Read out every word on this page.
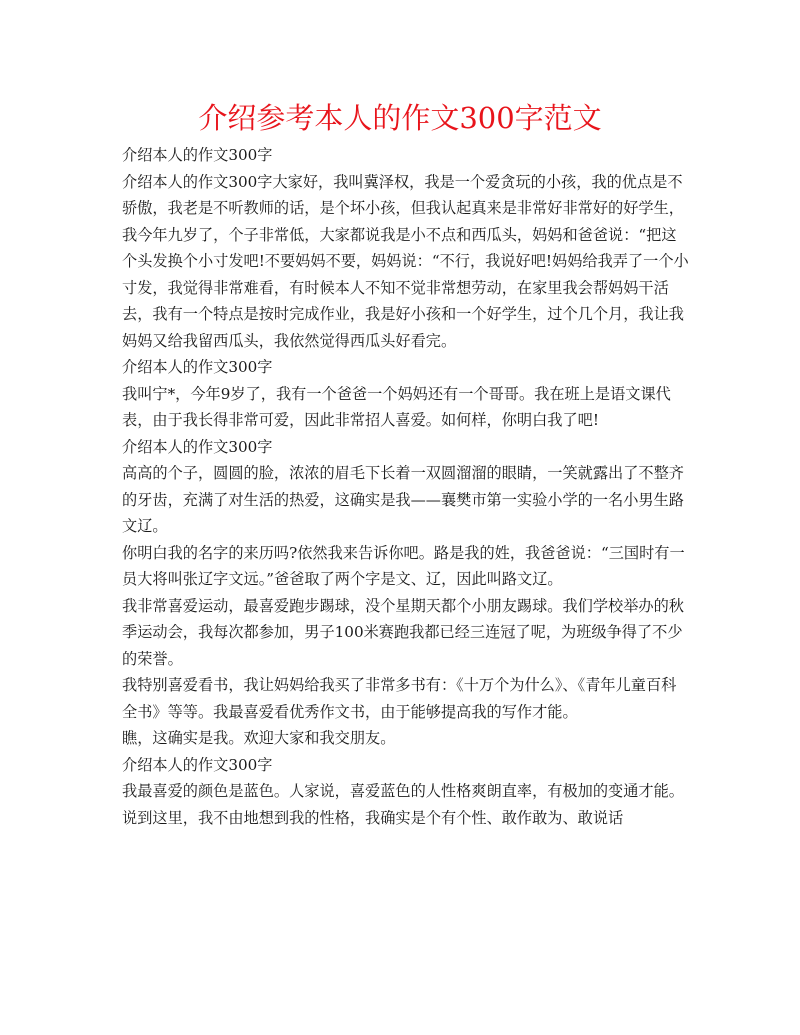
介绍参考本人的作文300字范文

介绍本人的作文300字

介绍本人的作文300字大家好，我叫冀泽权，我是一个爱贪玩的小孩，我的优点是不骄傲，我老是不听教师的话，是个坏小孩，但我认起真来是非常好非常好的好学生，我今年九岁了，个子非常低，大家都说我是小不点和西瓜头，妈妈和爸爸说：“把这个头发换个小寸发吧!不要妈妈不要，妈妈说：“不行，我说好吧!妈妈给我弄了一个小寸发，我觉得非常难看，有时候本人不知不觉非常想劳动，在家里我会帮妈妈干活去，我有一个特点是按时完成作业，我是好小孩和一个好学生，过个几个月，我让我妈妈又给我留西瓜头，我依然觉得西瓜头好看完。

介绍本人的作文300字

我叫宁*，今年9岁了，我有一个爸爸一个妈妈还有一个哥哥。我在班上是语文课代表，由于我长得非常可爱，因此非常招人喜爱。如何样，你明白我了吧!

介绍本人的作文300字

高高的个子，圆圆的脸，浓浓的眉毛下长着一双圆溜溜的眼睛，一笑就露出了不整齐的牙齿，充满了对生活的热爱，这确实是我——襄樊市第一实验小学的一名小男生路文辽。

你明白我的名字的来历吗?依然我来告诉你吧。路是我的姓，我爸爸说：“三国时有一员大将叫张辽字文远。”爸爸取了两个字是文、辽，因此叫路文辽。

我非常喜爱运动，最喜爱跑步踢球，没个星期天都个小朋友踢球。我们学校举办的秋季运动会，我每次都参加，男子100米赛跑我都已经三连冠了呢，为班级争得了不少的荣誉。

我特别喜爱看书，我让妈妈给我买了非常多书有：《十万个为什么》、《青年儿童百科全书》等等。我最喜爱看优秀作文书，由于能够提高我的写作才能。

瞧，这确实是我。欢迎大家和我交朋友。

介绍本人的作文300字

我最喜爱的颜色是蓝色。人家说，喜爱蓝色的人性格爽朗直率，有极加的变通才能。说到这里，我不由地想到我的性格，我确实是个有个性、敢作敢为、敢说话
